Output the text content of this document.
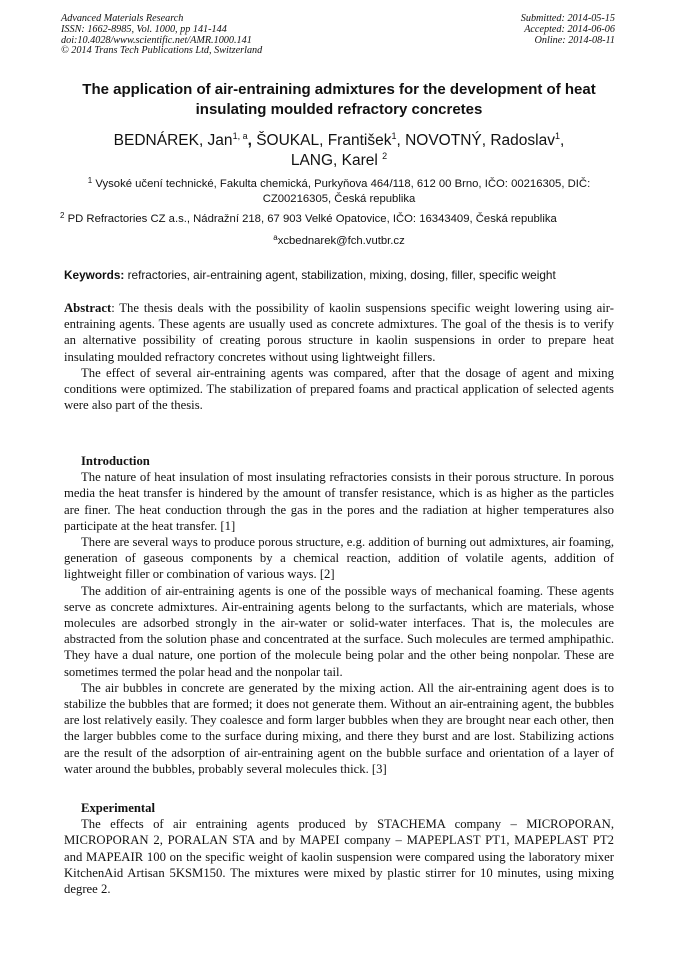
Advanced Materials Research
ISSN: 1662-8985, Vol. 1000, pp 141-144
doi:10.4028/www.scientific.net/AMR.1000.141
© 2014 Trans Tech Publications Ltd, Switzerland
Submitted: 2014-05-15
Accepted: 2014-06-06
Online: 2014-08-11
The application of air-entraining admixtures for the development of heat insulating moulded refractory concretes
BEDNÁREK, Jan$^{1, a}$, ŠOUKAL, František$^1$, NOVOTNÝ, Radoslav$^1$, LANG, Karel $^2$
$^1$ Vysoké učení technické, Fakulta chemická, Purkyňova 464/118, 612 00 Brno, IČO: 00216305, DIČ: CZ00216305, Česká republika
$^2$ PD Refractories CZ a.s., Nádražní 218, 67 903 Velké Opatovice, IČO: 16343409, Česká republika
$^a$xcbednarek@fch.vutbr.cz
Keywords: refractories, air-entraining agent, stabilization, mixing, dosing, filler, specific weight

Abstract: The thesis deals with the possibility of kaolin suspensions specific weight lowering using air-entraining agents. These agents are usually used as concrete admixtures. The goal of the thesis is to verify an alternative possibility of creating porous structure in kaolin suspensions in order to prepare heat insulating moulded refractory concretes without using lightweight fillers.

The effect of several air-entraining agents was compared, after that the dosage of agent and mixing conditions were optimized. The stabilization of prepared foams and practical application of selected agents were also part of the thesis.

Introduction

The nature of heat insulation of most insulating refractories consists in their porous structure. In porous media the heat transfer is hindered by the amount of transfer resistance, which is as higher as the particles are finer. The heat conduction through the gas in the pores and the radiation at higher temperatures also participate at the heat transfer. [1]

There are several ways to produce porous structure, e.g. addition of burning out admixtures, air foaming, generation of gaseous components by a chemical reaction, addition of volatile agents, addition of lightweight filler or combination of various ways. [2]

The addition of air-entraining agents is one of the possible ways of mechanical foaming. These agents serve as concrete admixtures. Air-entraining agents belong to the surfactants, which are materials, whose molecules are adsorbed strongly in the air-water or solid-water interfaces. That is, the molecules are abstracted from the solution phase and concentrated at the surface. Such molecules are termed amphipathic. They have a dual nature, one portion of the molecule being polar and the other being nonpolar. These are sometimes termed the polar head and the nonpolar tail.

The air bubbles in concrete are generated by the mixing action. All the air-entraining agent does is to stabilize the bubbles that are formed; it does not generate them. Without an air-entraining agent, the bubbles are lost relatively easily. They coalesce and form larger bubbles when they are brought near each other, then the larger bubbles come to the surface during mixing, and there they burst and are lost. Stabilizing actions are the result of the adsorption of air-entraining agent on the bubble surface and orientation of a layer of water around the bubbles, probably several molecules thick. [3]

Experimental

The effects of air entraining agents produced by STACHEMA company – MICROPORAN, MICROPORAN 2, PORALAN STA and by MAPEI company – MAPEPLAST PT1, MAPEPLAST PT2 and MAPEAIR 100 on the specific weight of kaolin suspension were compared using the laboratory mixer KitchenAid Artisan 5KSM150. The mixtures were mixed by plastic stirrer for 10 minutes, using mixing degree 2.
